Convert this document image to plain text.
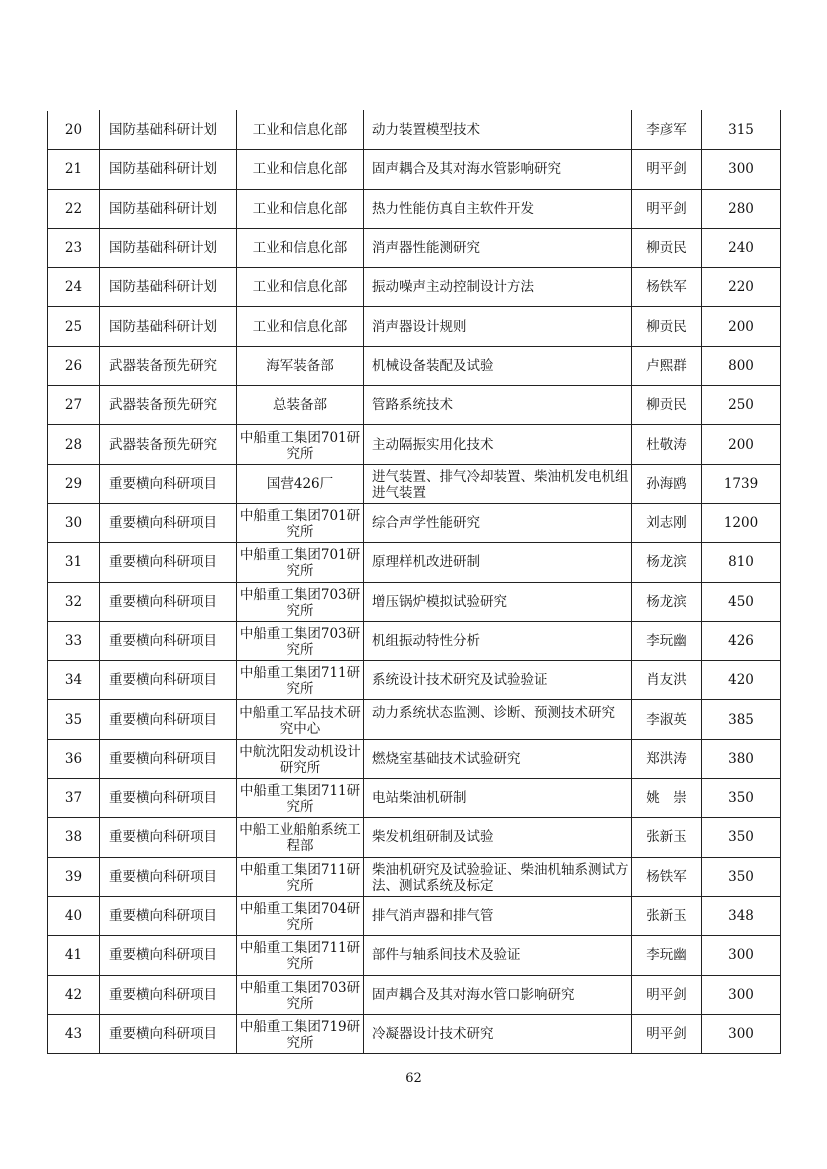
20	国防基础科研计划	工业和信息化部	动力装置模型技术	李彦军	315

21	国防基础科研计划	工业和信息化部	固声耦合及其对海水管影响研究	明平剑	300

22	国防基础科研计划	工业和信息化部	热力性能仿真自主软件开发	明平剑	280

23	国防基础科研计划	工业和信息化部	消声器性能测研究	柳贡民	240

24	国防基础科研计划	工业和信息化部	振动噪声主动控制设计方法	杨铁军	220

25	国防基础科研计划	工业和信息化部	消声器设计规则	柳贡民	200

26	武器装备预先研究	海军装备部	机械设备装配及试验	卢熙群	800

27	武器装备预先研究	总装备部	管路系统技术	柳贡民	250

28	武器装备预先研究	中船重工集团701研究所	主动隔振实用化技术	杜敬涛	200

29	重要横向科研项目	国营426厂	进气装置、排气冷却装置、柴油机发电机组进气装置	孙海鸥	1739

30	重要横向科研项目	中船重工集团701研究所	综合声学性能研究	刘志刚	1200

31	重要横向科研项目	中船重工集团701研究所	原理样机改进研制	杨龙滨	810

32	重要横向科研项目	中船重工集团703研究所	增压锅炉模拟试验研究	杨龙滨	450

33	重要横向科研项目	中船重工集团703研究所	机组振动特性分析	李玩幽	426

34	重要横向科研项目	中船重工集团711研究所	系统设计技术研究及试验验证	肖友洪	420

35	重要横向科研项目	中船重工军品技术研究中心	动力系统状态监测、诊断、预测技术研究	李淑英	385

36	重要横向科研项目	中航沈阳发动机设计研究所	燃烧室基础技术试验研究	郑洪涛	380

37	重要横向科研项目	中船重工集团711研究所	电站柴油机研制	姚　崇	350

38	重要横向科研项目	中船工业船舶系统工程部	柴发机组研制及试验	张新玉	350

39	重要横向科研项目	中船重工集团711研究所	柴油机研究及试验验证、柴油机轴系测试方法、测试系统及标定	杨铁军	350

40	重要横向科研项目	中船重工集团704研究所	排气消声器和排气管	张新玉	348

41	重要横向科研项目	中船重工集团711研究所	部件与轴系间技术及验证	李玩幽	300

42	重要横向科研项目	中船重工集团703研究所	固声耦合及其对海水管口影响研究	明平剑	300

43	重要横向科研项目	中船重工集团719研究所	冷凝器设计技术研究	明平剑	300
62
